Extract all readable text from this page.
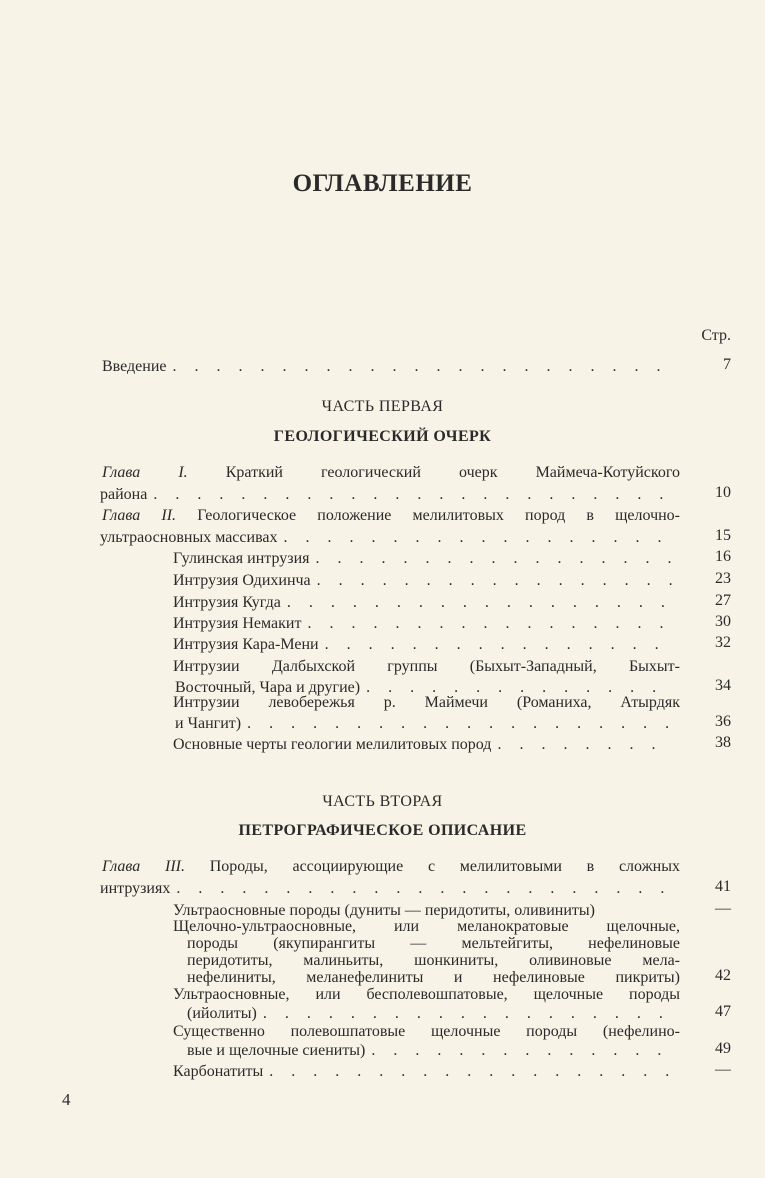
ОГЛАВЛЕНИЕ
Стр.
Введение . . .	7
ЧАСТЬ ПЕРВАЯ
ГЕОЛОГИЧЕСКИЙ ОЧЕРК
Глава I. Краткий геологический очерк Маймеча-Котуйского
района . . .	10
Глава II. Геологическое положение мелилитовых пород в щелочно-
ультраосновных массивах . . .	15
Гулинская интрузия . . .	16
Интрузия Одихинча . . .	23
Интрузия Кугда . . .	27
Интрузия Немакит . . .	30
Интрузия Кара-Мени . . .	32
Интрузии Далбыхской группы (Быхыт-Западный, Быхыт-
Восточный, Чара и другие) . . .	34
Интрузии левобережья р. Маймечи (Романиха, Атырдяк
и Чангит) . . .	36
Основные черты геологии мелилитовых пород . . .	38
ЧАСТЬ ВТОРАЯ
ПЕТРОГРАФИЧЕСКОЕ ОПИСАНИЕ
Глава III. Породы, ассоциирующие с мелилитовыми в сложных
интрузиях . . .	41
Ультраосновные породы (дуниты — перидотиты, оливиниты)	—
Щелочно-ультраосновные, или меланократовые щелочные,
породы (якупирангиты — мельтейгиты, нефелиновые
перидотиты, малиньиты, шонкиниты, оливиновые мела-
нефелиниты, меланефелиниты и нефелиновые пикриты) 42
Ультраосновные, или бесполевошпатовые, щелочные породы
(ийолиты) . . .	47
Существенно полевошпатовые щелочные породы (нефелино-
вые и щелочные сиениты) . . .	49
Карбонатиты . . .	—
4
